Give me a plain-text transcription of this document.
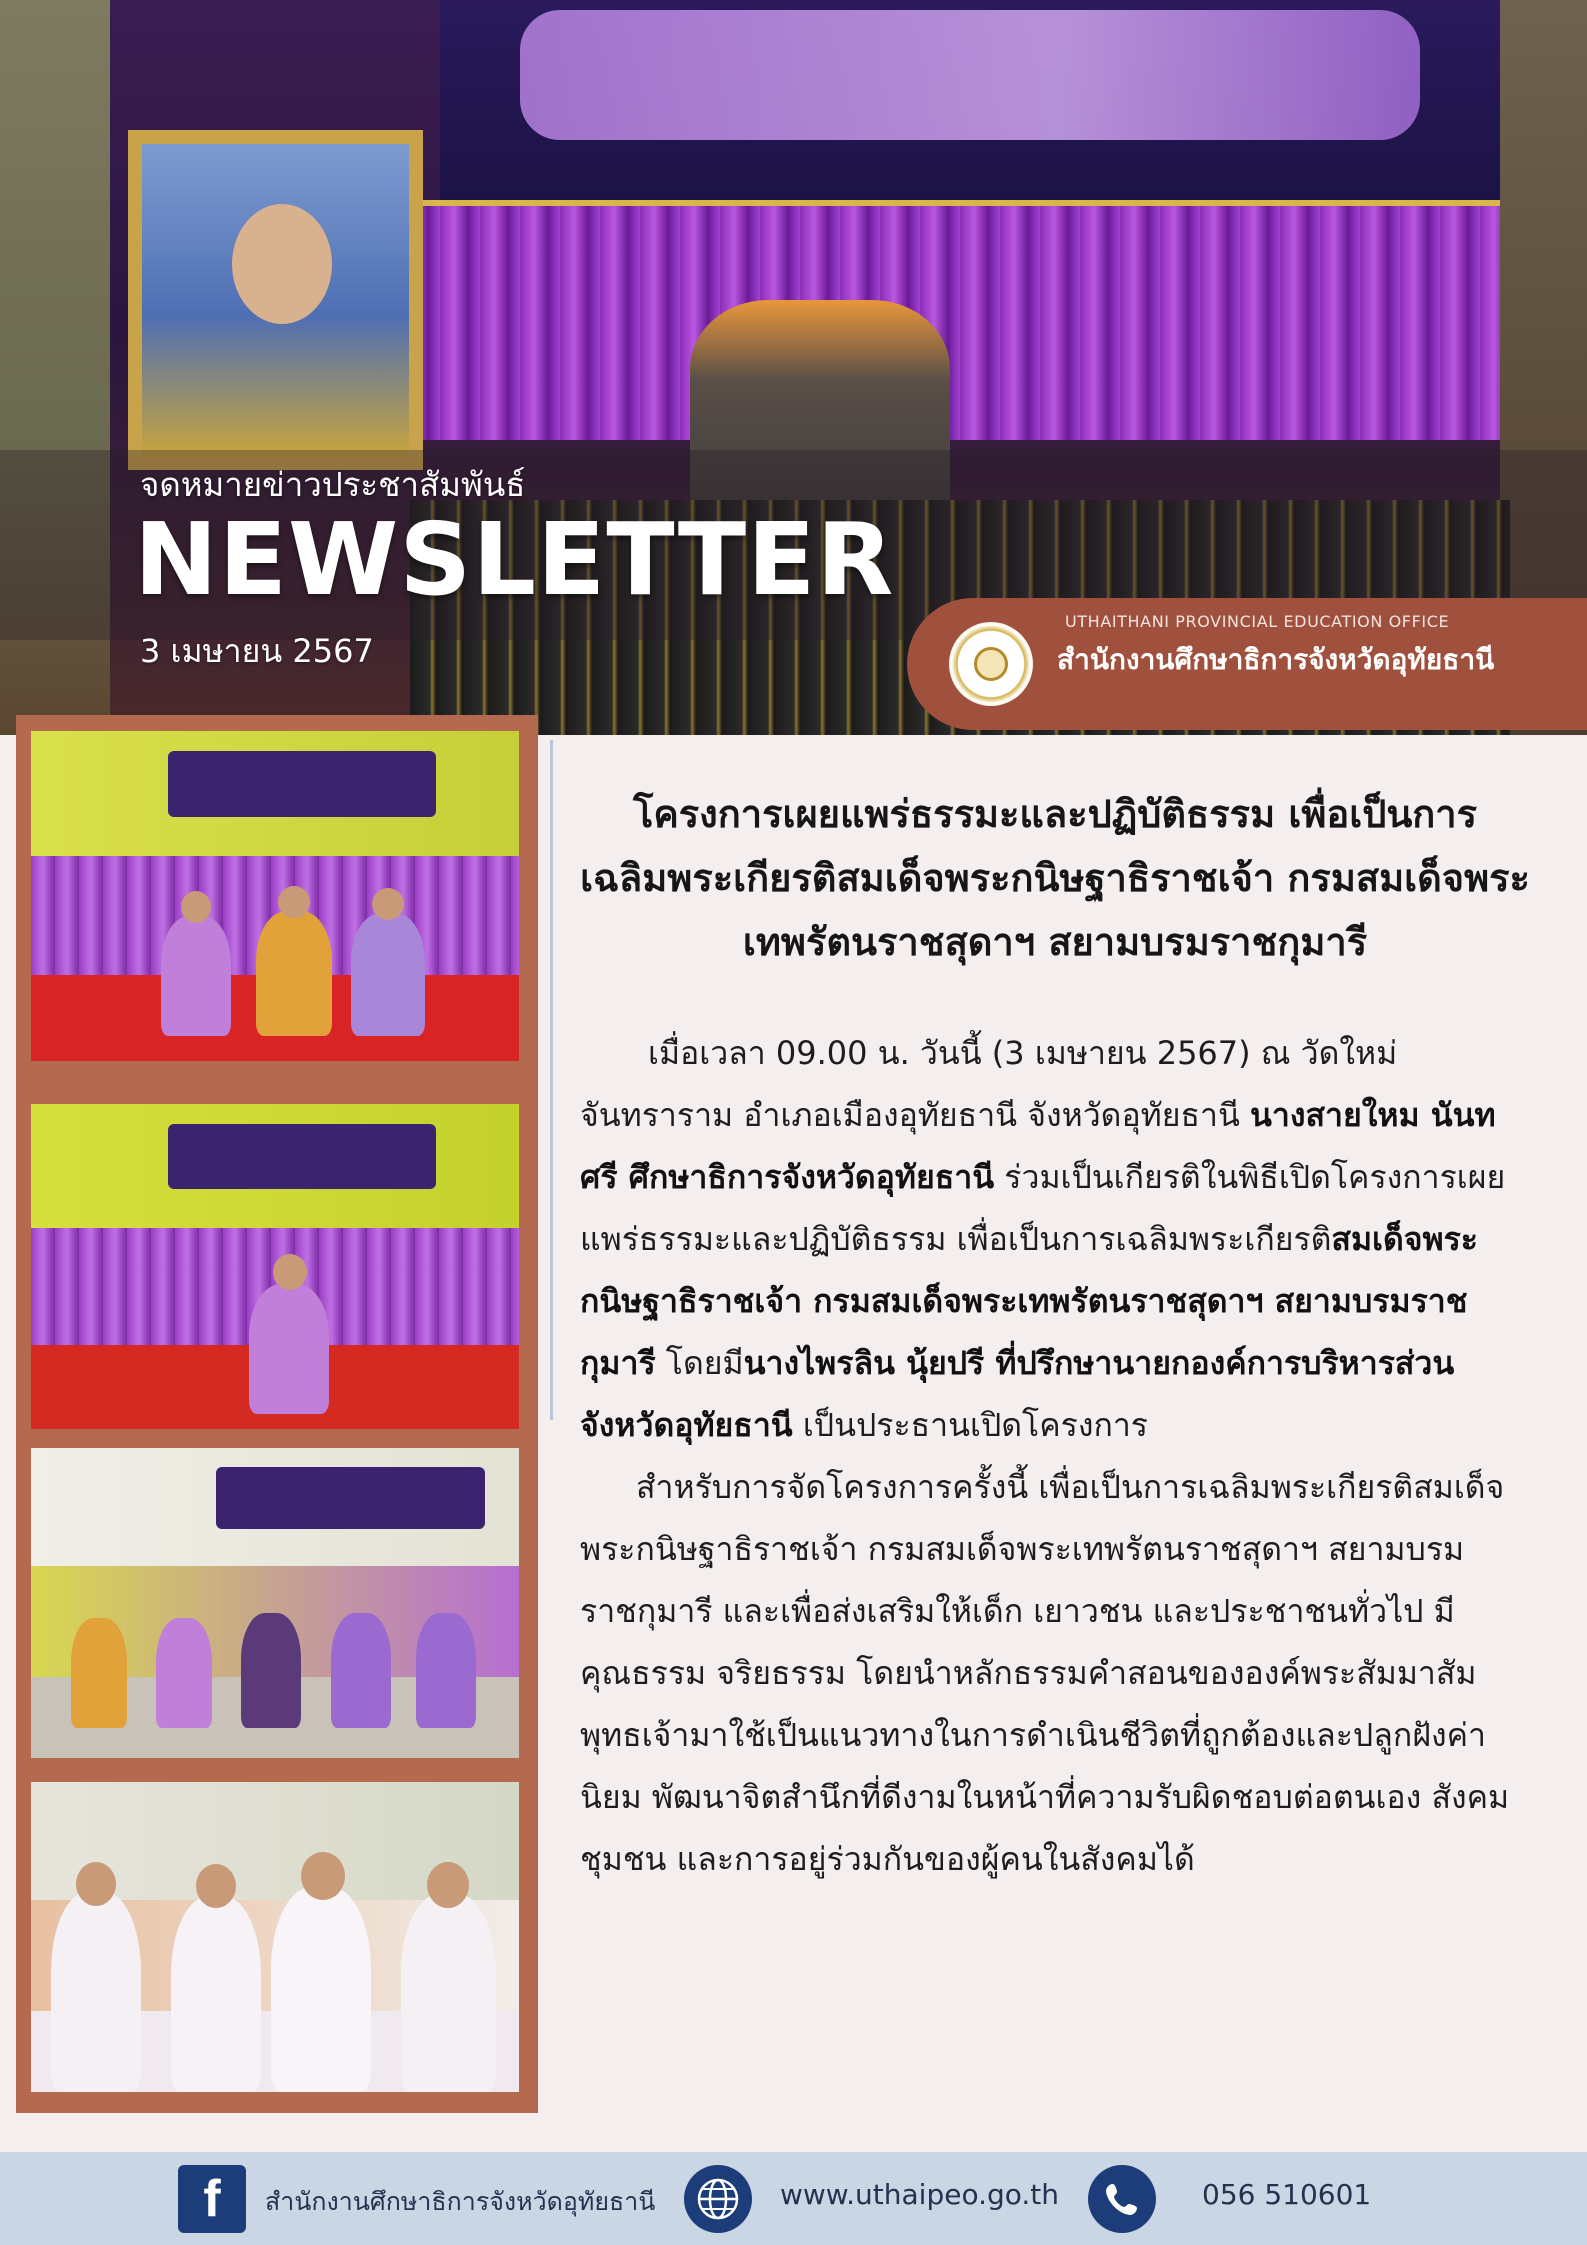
จดหมายข่าวประชาสัมพันธ์
NEWSLETTER
3 เมษายน 2567
UTHAITHANI PROVINCIAL EDUCATION OFFICE
สำนักงานศึกษาธิการจังหวัดอุทัยธานี
โครงการเผยแพร่ธรรมะและปฏิบัติธรรม เพื่อเป็นการเฉลิมพระเกียรติสมเด็จพระกนิษฐาธิราชเจ้า กรมสมเด็จพระเทพรัตนราชสุดาฯ สยามบรมราชกุมารี

เมื่อเวลา 09.00 น. วันนี้ (3 เมษายน 2567) ณ วัดใหม่จันทราราม อำเภอเมืองอุทัยธานี จังหวัดอุทัยธานี นางสายใหม นันทศรี ศึกษาธิการจังหวัดอุทัยธานี ร่วมเป็นเกียรติในพิธีเปิดโครงการเผยแพร่ธรรมะและปฏิบัติธรรม เพื่อเป็นการเฉลิมพระเกียรติสมเด็จพระกนิษฐาธิราชเจ้า กรมสมเด็จพระเทพรัตนราชสุดาฯ สยามบรมราชกุมารี โดยมีนางไพรลิน นุ้ยปรี ที่ปรึกษานายกองค์การบริหารส่วนจังหวัดอุทัยธานี เป็นประธานเปิดโครงการ

สำหรับการจัดโครงการครั้งนี้ เพื่อเป็นการเฉลิมพระเกียรติสมเด็จพระกนิษฐาธิราชเจ้า กรมสมเด็จพระเทพรัตนราชสุดาฯ สยามบรมราชกุมารี และเพื่อส่งเสริมให้เด็ก เยาวชน และประชาชนทั่วไป มีคุณธรรม จริยธรรม โดยนำหลักธรรมคำสอนขององค์พระสัมมาสัมพุทธเจ้ามาใช้เป็นแนวทางในการดำเนินชีวิตที่ถูกต้องและปลูกฝังค่านิยม พัฒนาจิตสำนึกที่ดีงามในหน้าที่ความรับผิดชอบต่อตนเอง สังคม ชุมชน และการอยู่ร่วมกันของผู้คนในสังคมได้

f	สำนักงานศึกษาธิการจังหวัดอุทัยธานี	www.uthaipeo.go.th	056 510601
